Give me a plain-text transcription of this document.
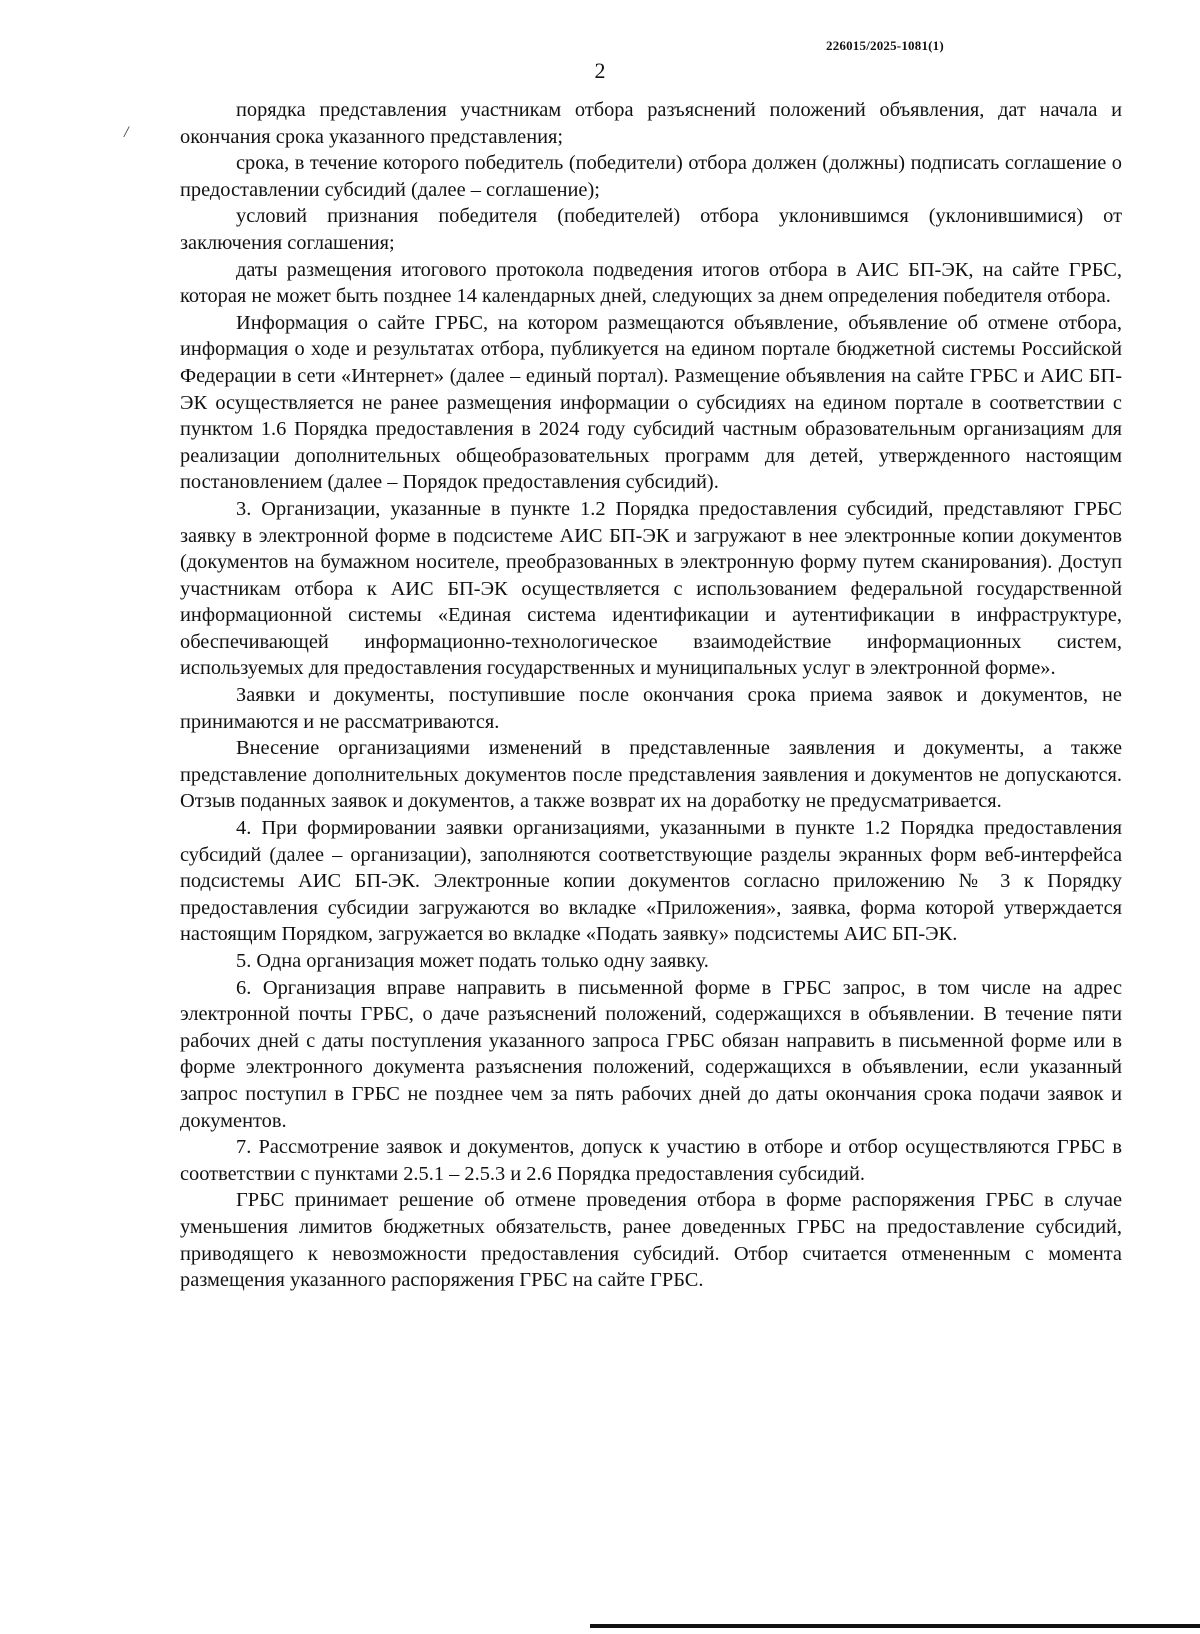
226015/2025-1081(1)
2
/

порядка представления участникам отбора разъяснений положений объявления, дат начала и окончания срока указанного представления;

срока, в течение которого победитель (победители) отбора должен (должны) подписать соглашение о предоставлении субсидий (далее – соглашение);

условий признания победителя (победителей) отбора уклонившимся (уклонившимися) от заключения соглашения;

даты размещения итогового протокола подведения итогов отбора в АИС БП-ЭК, на сайте ГРБС, которая не может быть позднее 14 календарных дней, следующих за днем определения победителя отбора.

Информация о сайте ГРБС, на котором размещаются объявление, объявление об отмене отбора, информация о ходе и результатах отбора, публикуется на едином портале бюджетной системы Российской Федерации в сети «Интернет» (далее – единый портал). Размещение объявления на сайте ГРБС и АИС БП-ЭК осуществляется не ранее размещения информации о субсидиях на едином портале в соответствии с пунктом 1.6 Порядка предоставления в 2024 году субсидий частным образовательным организациям для реализации дополнительных общеобразовательных программ для детей, утвержденного настоящим постановлением (далее – Порядок предоставления субсидий).

3. Организации, указанные в пункте 1.2 Порядка предоставления субсидий, представляют ГРБС заявку в электронной форме в подсистеме АИС БП-ЭК и загружают в нее электронные копии документов (документов на бумажном носителе, преобразованных в электронную форму путем сканирования). Доступ участникам отбора к АИС БП-ЭК осуществляется с использованием федеральной государственной информационной системы «Единая система идентификации и аутентификации в инфраструктуре, обеспечивающей информационно-технологическое взаимодействие информационных систем, используемых для предоставления государственных и муниципальных услуг в электронной форме».

Заявки и документы, поступившие после окончания срока приема заявок и документов, не принимаются и не рассматриваются.

Внесение организациями изменений в представленные заявления и документы, а также представление дополнительных документов после представления заявления и документов не допускаются. Отзыв поданных заявок и документов, а также возврат их на доработку не предусматривается.

4. При формировании заявки организациями, указанными в пункте 1.2 Порядка предоставления субсидий (далее – организации), заполняются соответствующие разделы экранных форм веб-интерфейса подсистемы АИС БП-ЭК. Электронные копии документов согласно приложению № 3 к Порядку предоставления субсидии загружаются во вкладке «Приложения», заявка, форма которой утверждается настоящим Порядком, загружается во вкладке «Подать заявку» подсистемы АИС БП-ЭК.

5. Одна организация может подать только одну заявку.

6. Организация вправе направить в письменной форме в ГРБС запрос, в том числе на адрес электронной почты ГРБС, о даче разъяснений положений, содержащихся в объявлении. В течение пяти рабочих дней с даты поступления указанного запроса ГРБС обязан направить в письменной форме или в форме электронного документа разъяснения положений, содержащихся в объявлении, если указанный запрос поступил в ГРБС не позднее чем за пять рабочих дней до даты окончания срока подачи заявок и документов.

7. Рассмотрение заявок и документов, допуск к участию в отборе и отбор осуществляются ГРБС в соответствии с пунктами 2.5.1 – 2.5.3 и 2.6 Порядка предоставления субсидий.

ГРБС принимает решение об отмене проведения отбора в форме распоряжения ГРБС в случае уменьшения лимитов бюджетных обязательств, ранее доведенных ГРБС на предоставление субсидий, приводящего к невозможности предоставления субсидий. Отбор считается отмененным с момента размещения указанного распоряжения ГРБС на сайте ГРБС.
